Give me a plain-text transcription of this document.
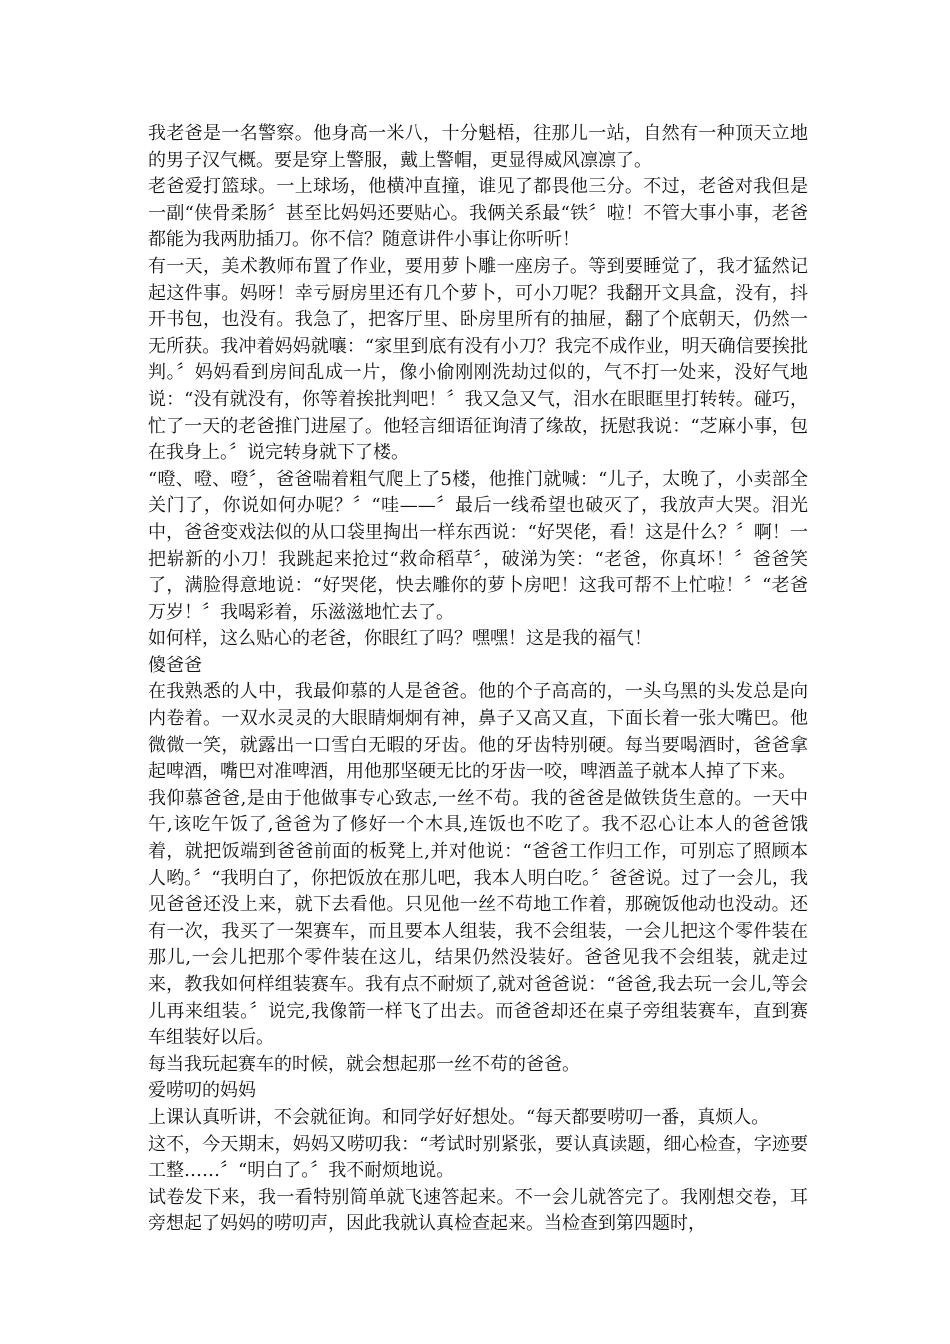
我老爸是一名警察。他身高一米八，十分魁梧，往那儿一站，自然有一种顶天立地的男子汉气概。要是穿上警服，戴上警帽，更显得威风凛凛了。

老爸爱打篮球。一上球场，他横冲直撞，谁见了都畏他三分。不过，老爸对我但是一副“侠骨柔肠〞甚至比妈妈还要贴心。我俩关系最“铁〞啦！不管大事小事，老爸都能为我两肋插刀。你不信？随意讲件小事让你听听！

有一天，美术教师布置了作业，要用萝卜雕一座房子。等到要睡觉了，我才猛然记起这件事。妈呀！幸亏厨房里还有几个萝卜，可小刀呢？我翻开文具盒，没有，抖开书包，也没有。我急了，把客厅里、卧房里所有的抽屉，翻了个底朝天，仍然一无所获。我冲着妈妈就嚷：“家里到底有没有小刀？我完不成作业，明天确信要挨批判。〞妈妈看到房间乱成一片，像小偷刚刚洗劫过似的，气不打一处来，没好气地说：“没有就没有，你等着挨批判吧！〞我又急又气，泪水在眼眶里打转转。碰巧，忙了一天的老爸推门进屋了。他轻言细语征询清了缘故，抚慰我说：“芝麻小事，包在我身上。〞说完转身就下了楼。

“噔、噔、噔〞，爸爸喘着粗气爬上了5楼，他推门就喊：“儿子，太晚了，小卖部全关门了，你说如何办呢？〞“哇——〞最后一线希望也破灭了，我放声大哭。泪光中，爸爸变戏法似的从口袋里掏出一样东西说：“好哭佬，看！这是什么？〞啊！一把崭新的小刀！我跳起来抢过“救命稻草〞，破涕为笑：“老爸，你真坏！〞爸爸笑了，满脸得意地说：“好哭佬，快去雕你的萝卜房吧！这我可帮不上忙啦！〞“老爸万岁！〞我喝彩着，乐滋滋地忙去了。

如何样，这么贴心的老爸，你眼红了吗？嘿嘿！这是我的福气！

傻爸爸

在我熟悉的人中，我最仰慕的人是爸爸。他的个子高高的，一头乌黑的头发总是向内卷着。一双水灵灵的大眼睛炯炯有神，鼻子又高又直，下面长着一张大嘴巴。他微微一笑，就露出一口雪白无暇的牙齿。他的牙齿特别硬。每当要喝酒时，爸爸拿起啤酒，嘴巴对准啤酒，用他那坚硬无比的牙齿一咬，啤酒盖子就本人掉了下来。

我仰慕爸爸,是由于他做事专心致志,一丝不苟。我的爸爸是做铁货生意的。一天中午,该吃午饭了,爸爸为了修好一个木具,连饭也不吃了。我不忍心让本人的爸爸饿着，就把饭端到爸爸前面的板凳上,并对他说：“爸爸工作归工作，可别忘了照顾本人哟。〞“我明白了，你把饭放在那儿吧，我本人明白吃。〞爸爸说。过了一会儿，我见爸爸还没上来，就下去看他。只见他一丝不苟地工作着，那碗饭他动也没动。还有一次，我买了一架赛车，而且要本人组装，我不会组装，一会儿把这个零件装在那儿,一会儿把那个零件装在这儿，结果仍然没装好。爸爸见我不会组装，就走过来，教我如何样组装赛车。我有点不耐烦了,就对爸爸说：“爸爸,我去玩一会儿,等会儿再来组装。〞说完,我像箭一样飞了出去。而爸爸却还在桌子旁组装赛车，直到赛车组装好以后。

每当我玩起赛车的时候，就会想起那一丝不苟的爸爸。

爱唠叨的妈妈

上课认真听讲，不会就征询。和同学好好想处。“每天都要唠叨一番，真烦人。

这不，今天期末，妈妈又唠叨我：“考试时别紧张，要认真读题，细心检查，字迹要工整……〞“明白了。〞我不耐烦地说。

试卷发下来，我一看特别简单就飞速答起来。不一会儿就答完了。我刚想交卷，耳旁想起了妈妈的唠叨声，因此我就认真检查起来。当检查到第四题时，
